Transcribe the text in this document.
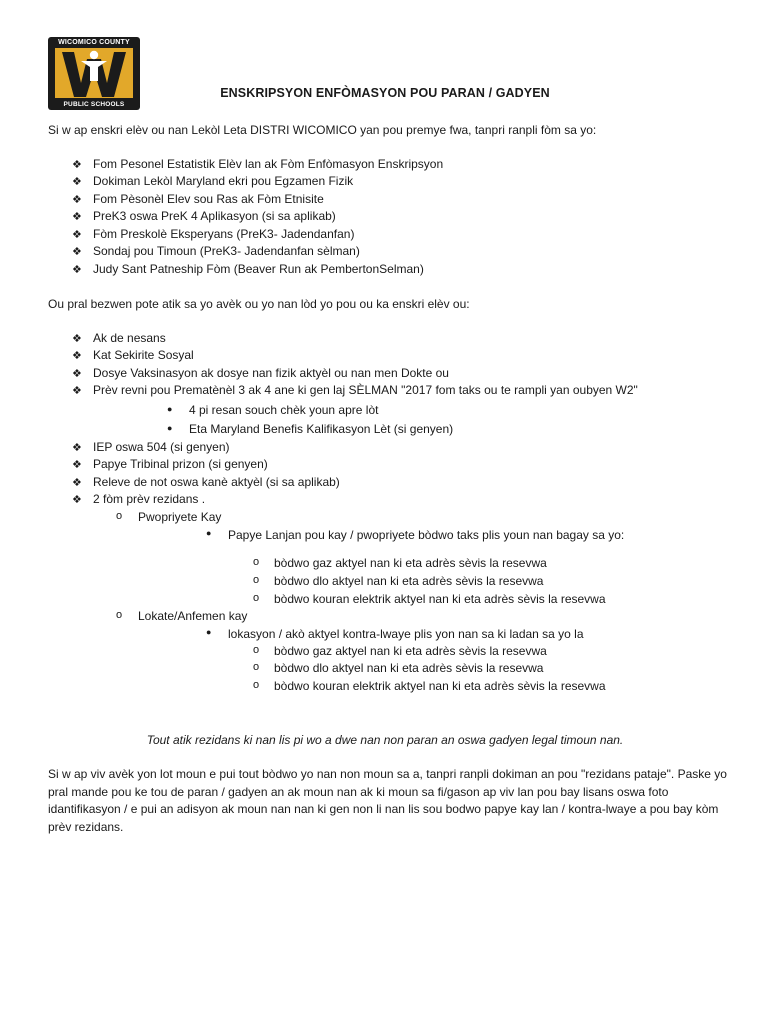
WICOMICO COUNTY
PUBLIC SCHOOLS
ENSKRIPSYON ENFÒMASYON POU PARAN / GADYEN
Si w ap enskri elèv ou nan Lekòl Leta DISTRI WICOMICO yan pou premye fwa, tanpri ranpli fòm sa yo:
❖ Fom Pesonel Estatistik Elèv lan ak Fòm Enfòmasyon Enskripsyon
❖ Dokiman Lekòl Maryland ekri pou Egzamen Fizik
❖ Fom Pèsonèl Elev sou Ras ak Fòm Etnisite
❖ PreK3 oswa PreK 4 Aplikasyon (si sa aplikab)
❖ Fòm Preskolè Eksperyans (PreK3- Jadendanfan)
❖ Sondaj pou Timoun (PreK3- Jadendanfan sèlman)
❖ Judy Sant Patneship Fòm (Beaver Run ak PembertonSelman)
Ou pral bezwen pote atik sa yo avèk ou yo nan lòd yo pou ou ka enskri elèv ou:
❖ Ak de nesans
❖ Kat Sekirite Sosyal
❖ Dosye Vaksinasyon ak dosye nan fizik aktyèl ou nan men Dokte ou
❖ Prèv revni pou Prematènèl 3 ak 4 ane ki gen laj SÈLMAN "2017 fom taks ou te rampli yan oubyen W2"
● 4 pi resan souch chèk youn apre lòt
● Eta Maryland Benefis Kalifikasyon Lèt (si genyen)
❖ IEP oswa 504 (si genyen)
❖ Papye Tribinal prizon (si genyen)
❖ Releve de not oswa kanè aktyèl (si sa aplikab)
❖ 2 fòm prèv rezidans .
o Pwopriyete Kay
● Papye Lanjan pou kay / pwopriyete bòdwo taks plis youn nan bagay sa yo:
o bòdwo gaz aktyel nan ki eta adrès sèvis la resevwa
o bòdwo dlo aktyel nan ki eta adrès sèvis la resevwa
o bòdwo kouran elektrik aktyel nan ki eta adrès sèvis la resevwa
o Lokate/Anfemen kay
● lokasyon / akò aktyel kontra-lwaye plis yon nan sa ki ladan sa yo la
o bòdwo gaz aktyel nan ki eta adrès sèvis la resevwa
o bòdwo dlo aktyel nan ki eta adrès sèvis la resevwa
o bòdwo kouran elektrik aktyel nan ki eta adrès sèvis la resevwa
Tout atik rezidans ki nan lis pi wo a dwe nan non paran an oswa gadyen legal timoun nan.
Si w ap viv avèk yon lot moun e pui tout bòdwo yo nan non moun sa a, tanpri ranpli dokiman an pou "rezidans pataje". Paske yo pral mande pou ke tou de paran / gadyen an ak moun nan ak ki moun sa fi/gason ap viv lan pou bay lisans oswa foto idantifikasyon / e pui an adisyon ak moun nan nan ki gen non li nan lis sou bodwo papye kay lan / kontra-lwaye a pou bay kòm prèv rezidans.
